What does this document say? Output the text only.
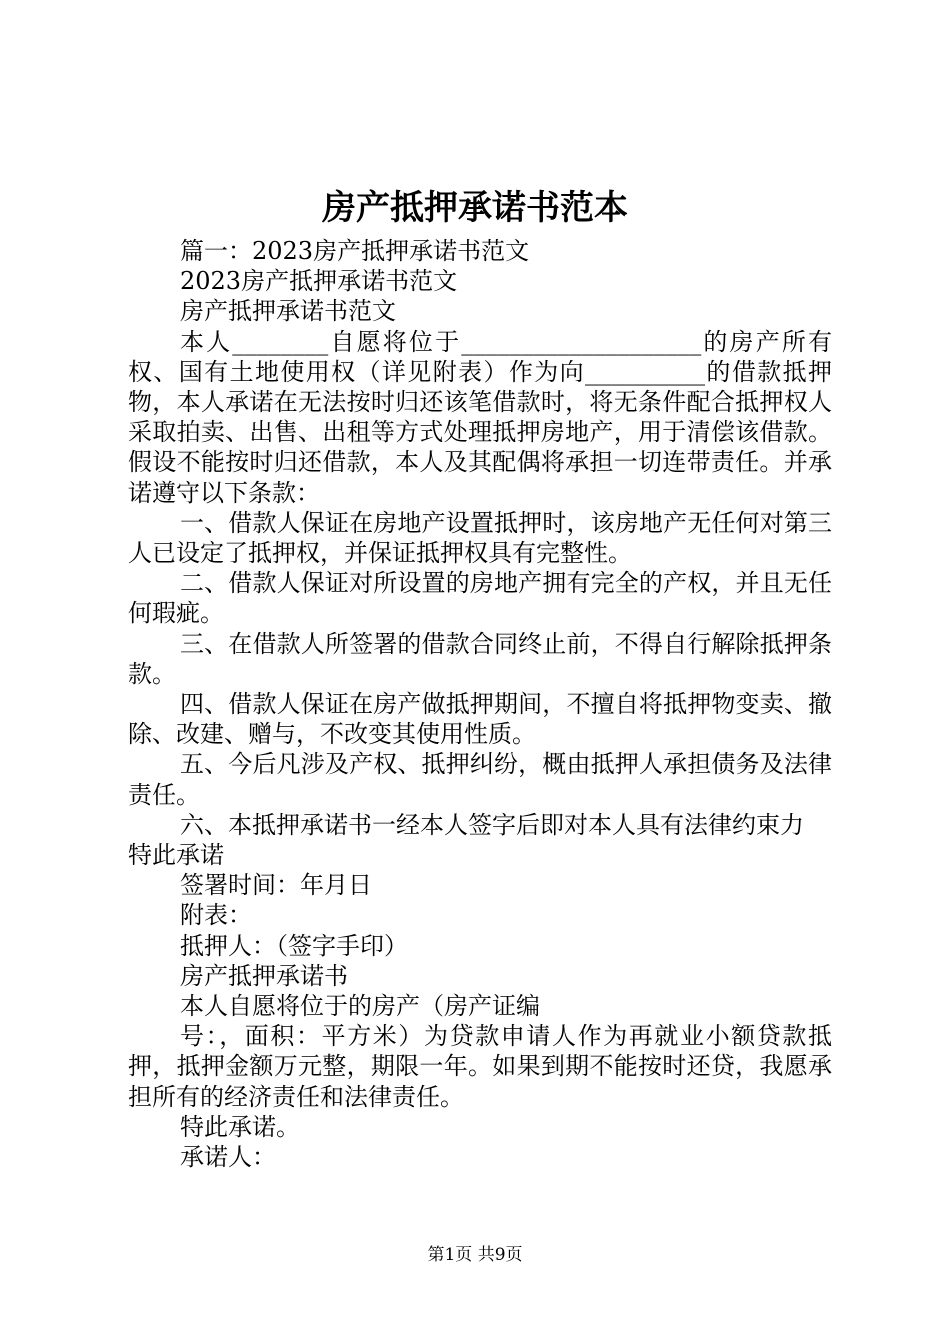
房产抵押承诺书范本

篇一：2023房产抵押承诺书范文

2023房产抵押承诺书范文

房产抵押承诺书范文

本人________自愿将位于____________________的房产所有权、国有土地使用权（详见附表）作为向__________的借款抵押物，本人承诺在无法按时归还该笔借款时，将无条件配合抵押权人采取拍卖、出售、出租等方式处理抵押房地产，用于清偿该借款。假设不能按时归还借款，本人及其配偶将承担一切连带责任。并承诺遵守以下条款：

一、借款人保证在房地产设置抵押时，该房地产无任何对第三人已设定了抵押权，并保证抵押权具有完整性。

二、借款人保证对所设置的房地产拥有完全的产权，并且无任何瑕疵。

三、在借款人所签署的借款合同终止前，不得自行解除抵押条款。

四、借款人保证在房产做抵押期间，不擅自将抵押物变卖、撤除、改建、赠与，不改变其使用性质。

五、今后凡涉及产权、抵押纠纷，概由抵押人承担债务及法律责任。

六、本抵押承诺书一经本人签字后即对本人具有法律约束力

特此承诺

签署时间：年月日

附表：

抵押人：（签字手印）

房产抵押承诺书

本人自愿将位于的房产（房产证编

号：，面积：平方米）为贷款申请人作为再就业小额贷款抵押，抵押金额万元整，期限一年。如果到期不能按时还贷，我愿承担所有的经济责任和法律责任。

特此承诺。

承诺人：

第1页 共9页
